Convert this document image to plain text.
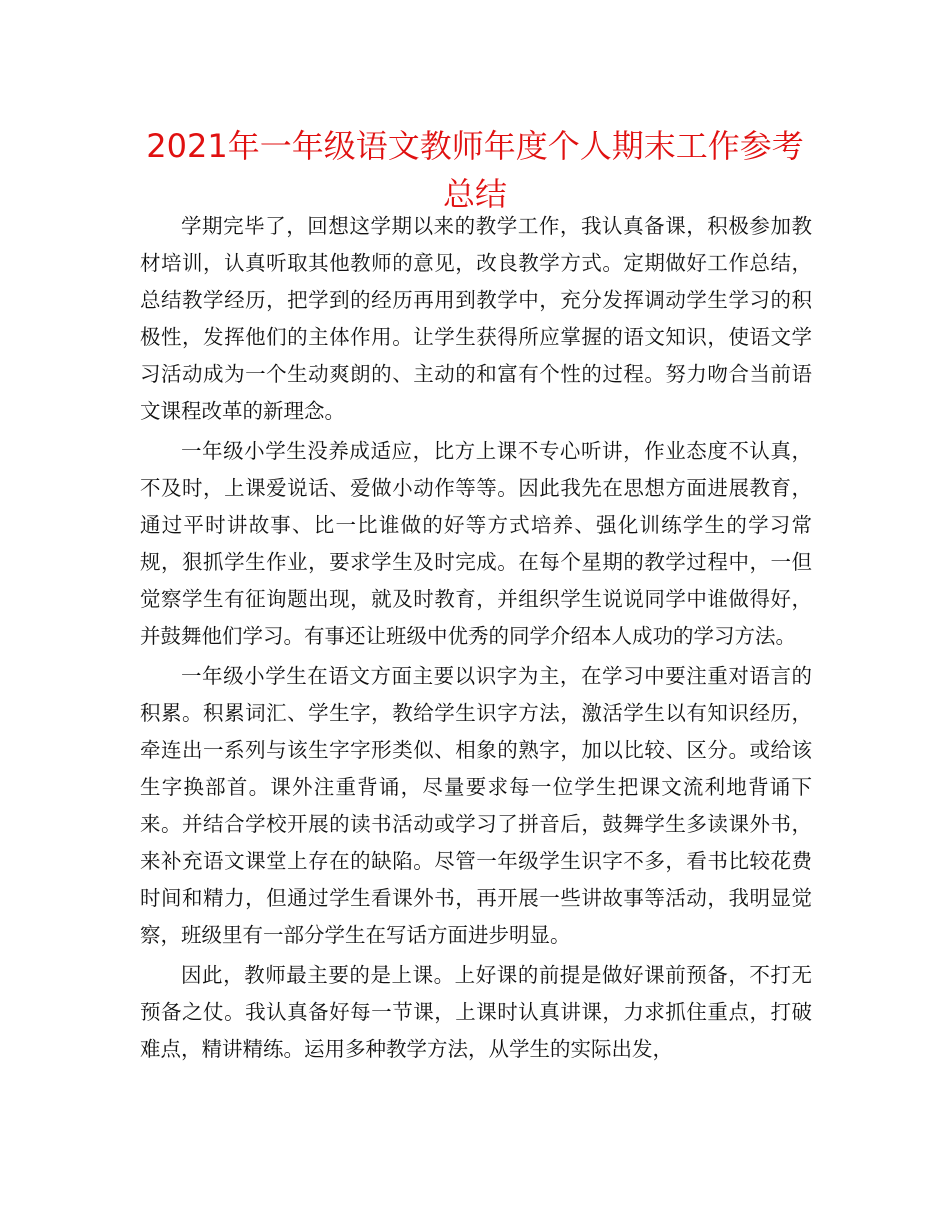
2021年一年级语文教师年度个人期末工作参考总结

学期完毕了，回想这学期以来的教学工作，我认真备课，积极参加教材培训，认真听取其他教师的意见，改良教学方式。定期做好工作总结，总结教学经历，把学到的经历再用到教学中，充分发挥调动学生学习的积极性，发挥他们的主体作用。让学生获得所应掌握的语文知识，使语文学习活动成为一个生动爽朗的、主动的和富有个性的过程。努力吻合当前语文课程改革的新理念。

一年级小学生没养成适应，比方上课不专心听讲，作业态度不认真，不及时，上课爱说话、爱做小动作等等。因此我先在思想方面进展教育，通过平时讲故事、比一比谁做的好等方式培养、强化训练学生的学习常规，狠抓学生作业，要求学生及时完成。在每个星期的教学过程中，一但觉察学生有征询题出现，就及时教育，并组织学生说说同学中谁做得好，并鼓舞他们学习。有事还让班级中优秀的同学介绍本人成功的学习方法。

一年级小学生在语文方面主要以识字为主，在学习中要注重对语言的积累。积累词汇、学生字，教给学生识字方法，激活学生以有知识经历，牵连出一系列与该生字字形类似、相象的熟字，加以比较、区分。或给该生字换部首。课外注重背诵，尽量要求每一位学生把课文流利地背诵下来。并结合学校开展的读书活动或学习了拼音后，鼓舞学生多读课外书，来补充语文课堂上存在的缺陷。尽管一年级学生识字不多，看书比较花费时间和精力，但通过学生看课外书，再开展一些讲故事等活动，我明显觉察，班级里有一部分学生在写话方面进步明显。

因此，教师最主要的是上课。上好课的前提是做好课前预备，不打无预备之仗。我认真备好每一节课，上课时认真讲课，力求抓住重点，打破难点，精讲精练。运用多种教学方法，从学生的实际出发，
